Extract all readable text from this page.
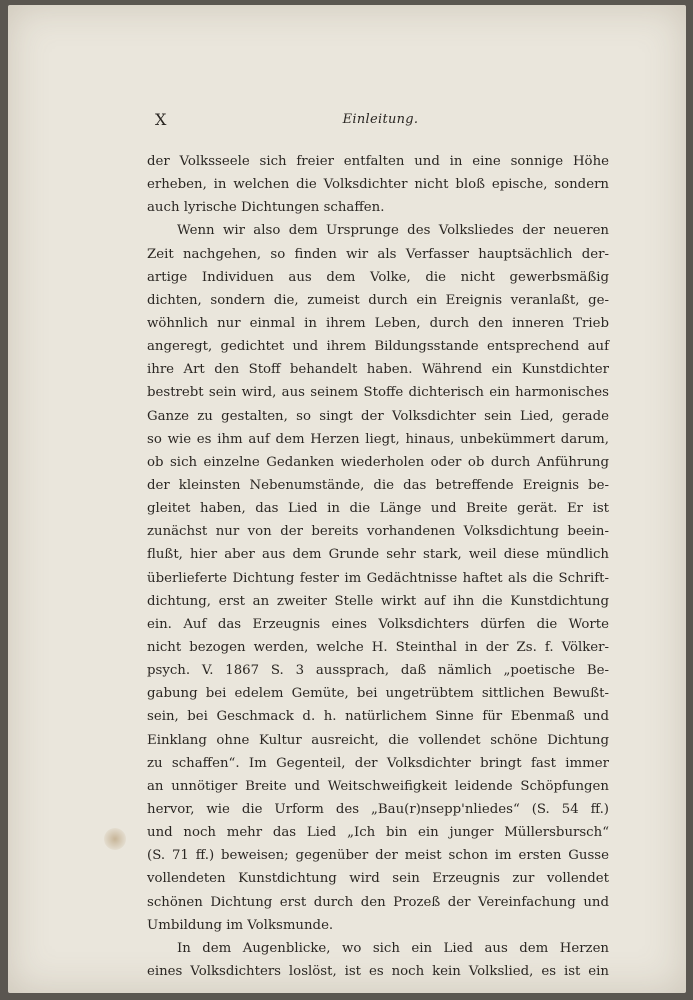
X	Einleitung.
der Volksseele sich freier entfalten und in eine sonnige Höhe
erheben, in welchen die Volksdichter nicht bloß epische, sondern
auch lyrische Dichtungen schaffen.
Wenn wir also dem Ursprunge des Volksliedes der neueren
Zeit nachgehen, so finden wir als Verfasser hauptsächlich der-
artige Individuen aus dem Volke, die nicht gewerbsmäßig
dichten, sondern die, zumeist durch ein Ereignis veranlaßt, ge-
wöhnlich nur einmal in ihrem Leben, durch den inneren Trieb
angeregt, gedichtet und ihrem Bildungsstande entsprechend auf
ihre Art den Stoff behandelt haben. Während ein Kunstdichter
bestrebt sein wird, aus seinem Stoffe dichterisch ein harmonisches
Ganze zu gestalten, so singt der Volksdichter sein Lied, gerade
so wie es ihm auf dem Herzen liegt, hinaus, unbekümmert darum,
ob sich einzelne Gedanken wiederholen oder ob durch Anführung
der kleinsten Nebenumstände, die das betreffende Ereignis be-
gleitet haben, das Lied in die Länge und Breite gerät. Er ist
zunächst nur von der bereits vorhandenen Volksdichtung beein-
flußt, hier aber aus dem Grunde sehr stark, weil diese mündlich
überlieferte Dichtung fester im Gedächtnisse haftet als die Schrift-
dichtung, erst an zweiter Stelle wirkt auf ihn die Kunstdichtung
ein. Auf das Erzeugnis eines Volksdichters dürfen die Worte
nicht bezogen werden, welche H. Steinthal in der Zs. f. Völker-
psych. V. 1867 S. 3 aussprach, daß nämlich „poetische Be-
gabung bei edelem Gemüte, bei ungetrübtem sittlichen Bewußt-
sein, bei Geschmack d. h. natürlichem Sinne für Ebenmaß und
Einklang ohne Kultur ausreicht, die vollendet schöne Dichtung
zu schaffen“. Im Gegenteil, der Volksdichter bringt fast immer
an unnötiger Breite und Weitschweifigkeit leidende Schöpfungen
hervor, wie die Urform des „Bau(r)nsepp'nliedes“ (S. 54 ff.)
und noch mehr das Lied „Ich bin ein junger Müllersbursch“
(S. 71 ff.) beweisen; gegenüber der meist schon im ersten Gusse
vollendeten Kunstdichtung wird sein Erzeugnis zur vollendet
schönen Dichtung erst durch den Prozeß der Vereinfachung und
Umbildung im Volksmunde.
In dem Augenblicke, wo sich ein Lied aus dem Herzen
eines Volksdichters loslöst, ist es noch kein Volkslied, es ist ein
